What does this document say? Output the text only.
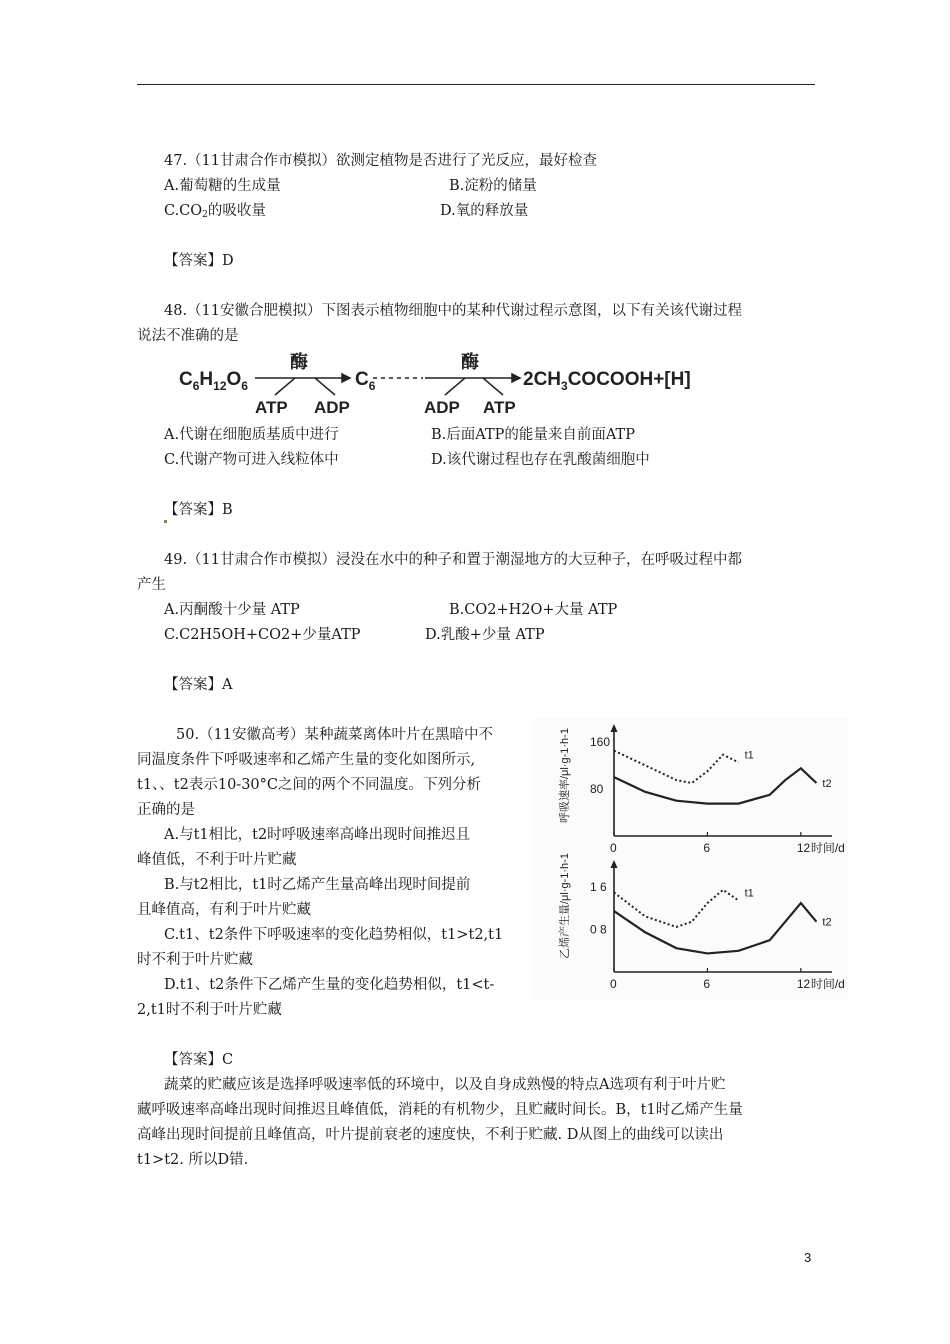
47.（11甘肃合作市模拟）欲测定植物是否进行了光反应，最好检查
A.葡萄糖的生成量	B.淀粉的储量
$C.CO_2$的吸收量	D.氧的释放量
【答案】D
48.（11安徽合肥模拟）下图表示植物细胞中的某种代谢过程示意图，以下有关该代谢过程
说法不准确的是
$C_6H_{12}O_6$
酶
$C_6$
酶
$2CH_3COCOOH+[H]$
ATP ADP	ADP ATP
A.代谢在细胞质基质中进行	B.后面ATP的能量来自前面ATP
C.代谢产物可进入线粒体中	D.该代谢过程也存在乳酸菌细胞中
【答案】B
49.（11甘肃合作市模拟）浸没在水中的种子和置于潮湿地方的大豆种子，在呼吸过程中都
产生
A.丙酮酸十少量 ATP	B.CO2+H2O+大量 ATP
C.C2H5OH+CO2+少量ATP	D.乳酸+少量 ATP
【答案】A
50.（11安徽高考）某种蔬菜离体叶片在黑暗中不
同温度条件下呼吸速率和乙烯产生量的变化如图所示,
t1、、t2表示10-30°C之间的两个不同温度。下列分析
正确的是
A.与t1相比，t2时呼吸速率高峰出现时间推迟且
峰值低，不利于叶片贮藏
B.与t2相比，t1时乙烯产生量高峰出现时间提前
且峰值高，有利于叶片贮藏
C.t1、t2条件下呼吸速率的变化趋势相似，t1>t2,t1
时不利于叶片贮藏
D.t1、t2条件下乙烯产生量的变化趋势相似，t1<t-
2,t1时不利于叶片贮藏
【答案】C
蔬菜的贮藏应该是选择呼吸速率低的环境中，以及自身成熟慢的特点A选项有利于叶片贮
藏呼吸速率高峰出现时间推迟且峰值低，消耗的有机物少，且贮藏时间长。B，t1时乙烯产生量
高峰出现时间提前且峰值高，叶片提前衰老的速度快，不利于贮藏. D从图上的曲线可以读出
t1>t2. 所以D错.
160
80
0	6	12 时间/d
呼吸速率/μl·g-1·h-1	t1
t2
1 6
0 8
0	6	12 时间/d
乙烯产生量/μl·g-1·h-1	t1
t2
3
